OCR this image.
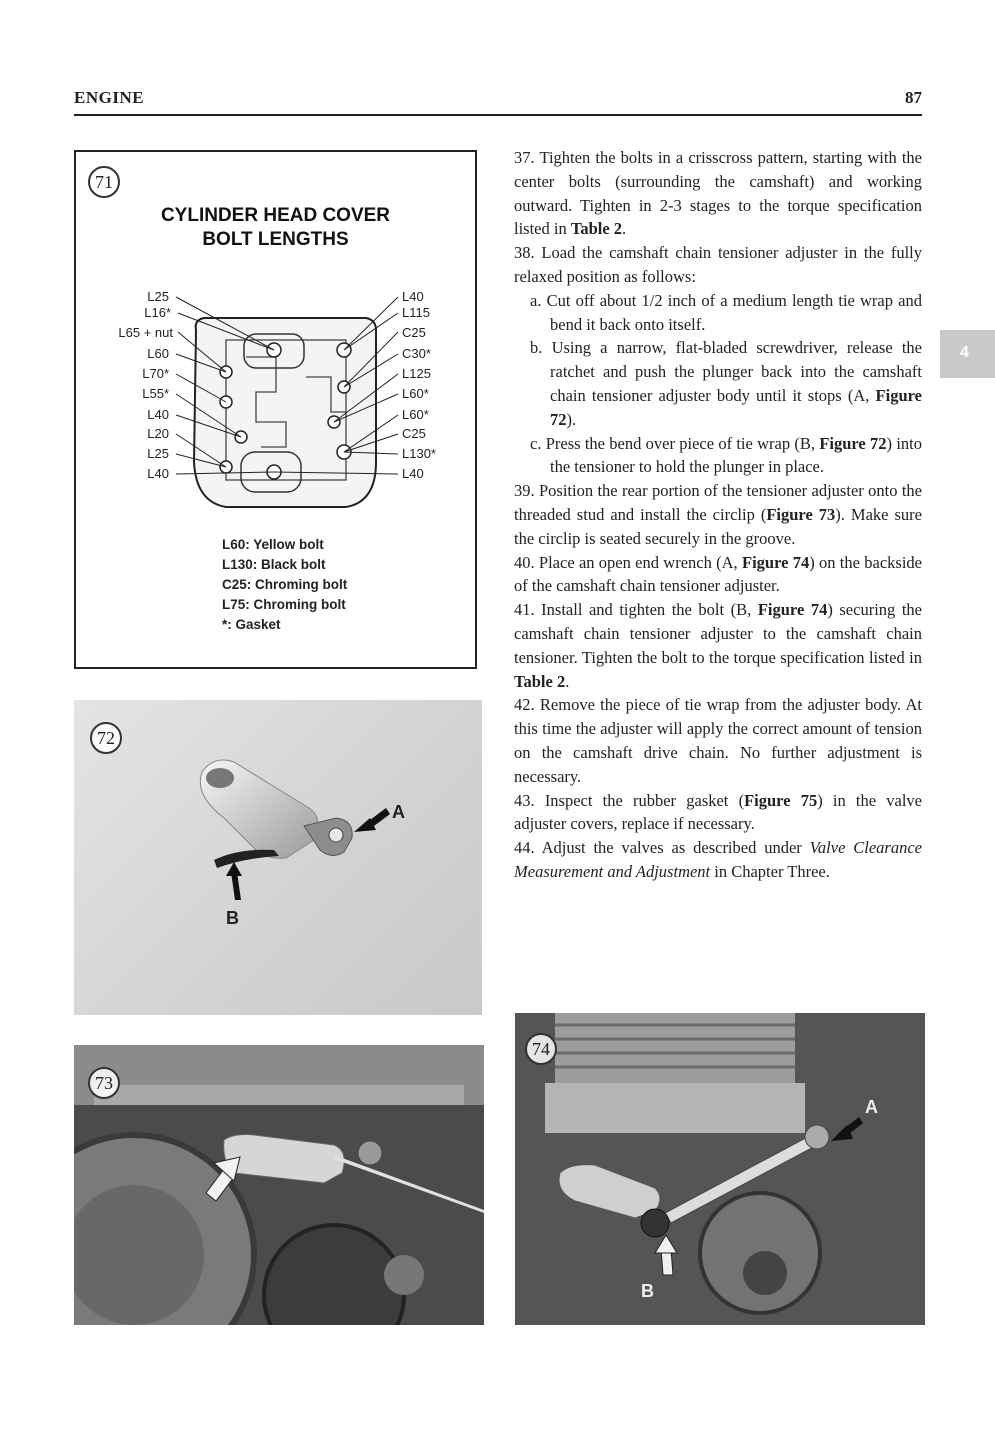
ENGINE	87
4
71
CYLINDER HEAD COVER
BOLT LENGTHS
L25
L16*
L65 + nut
L60
L70*
L55*
L40
L20
L25
L40
L40
L115
C25
C30*
L125
L60*
L60*
C25
L130*
L40
L60: Yellow bolt
L130: Black bolt
C25: Chroming bolt
L75: Chroming bolt
*: Gasket
A
B
72
73
A
B
74

37. Tighten the bolts in a crisscross pattern, starting with the center bolts (surrounding the camshaft) and working outward. Tighten in 2-3 stages to the torque specification listed in Table 2.

38. Load the camshaft chain tensioner adjuster in the fully relaxed position as follows:

a. Cut off about 1/2 inch of a medium length tie wrap and bend it back onto itself.

b. Using a narrow, flat-bladed screwdriver, release the ratchet and push the plunger back into the camshaft chain tensioner adjuster body until it stops (A, Figure 72).

c. Press the bend over piece of tie wrap (B, Figure 72) into the tensioner to hold the plunger in place.

39. Position the rear portion of the tensioner adjuster onto the threaded stud and install the circlip (Figure 73). Make sure the circlip is seated securely in the groove.

40. Place an open end wrench (A, Figure 74) on the backside of the camshaft chain tensioner adjuster.

41. Install and tighten the bolt (B, Figure 74) securing the camshaft chain tensioner adjuster to the camshaft chain tensioner. Tighten the bolt to the torque specification listed in Table 2.

42. Remove the piece of tie wrap from the adjuster body. At this time the adjuster will apply the correct amount of tension on the camshaft drive chain. No further adjustment is necessary.

43. Inspect the rubber gasket (Figure 75) in the valve adjuster covers, replace if necessary.

44. Adjust the valves as described under Valve Clearance Measurement and Adjustment in Chapter Three.
